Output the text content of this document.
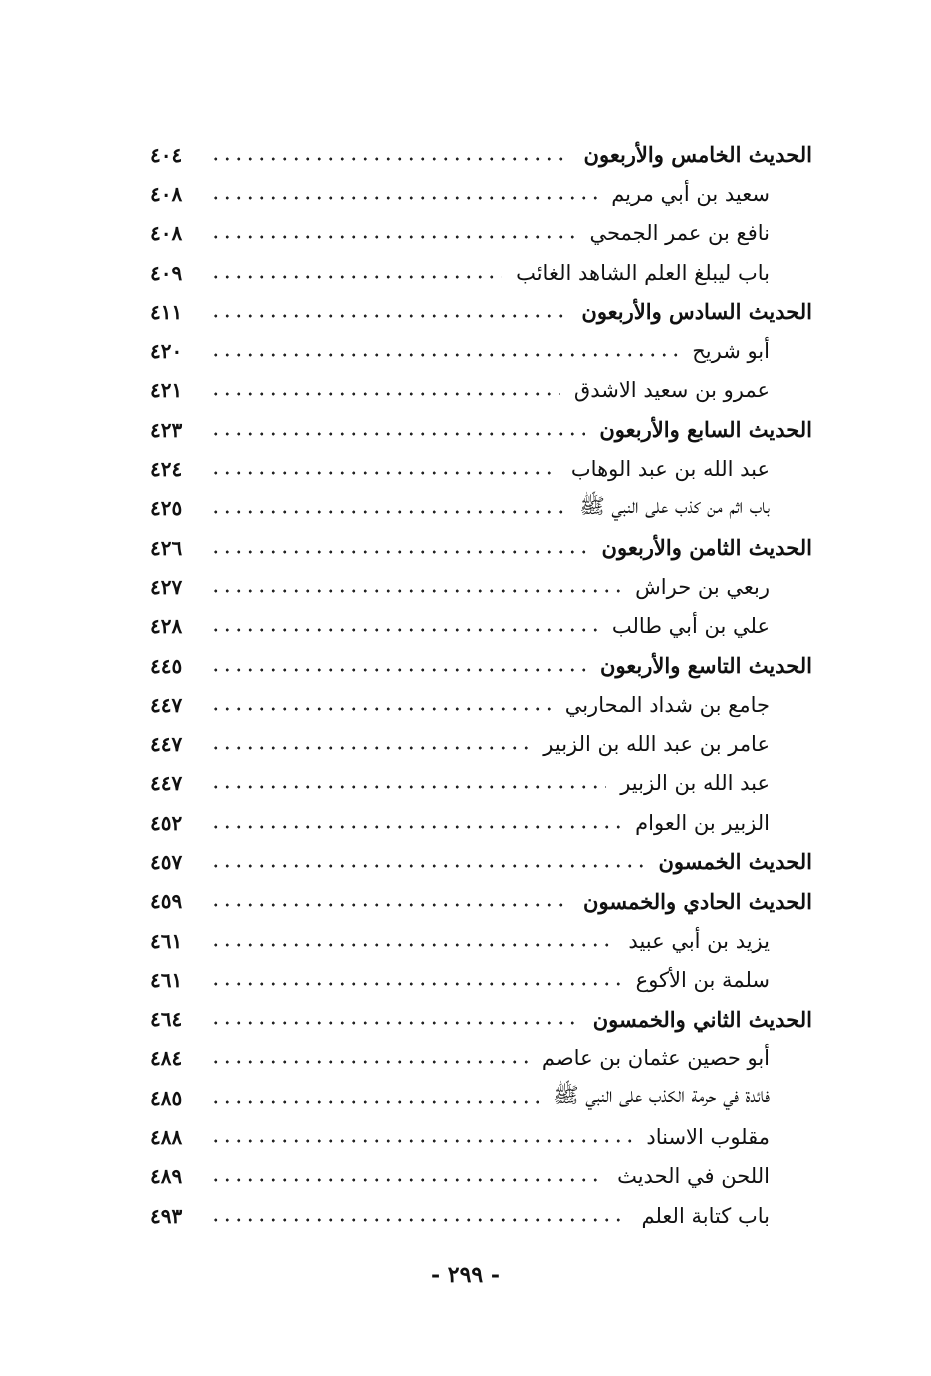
الحديث الخامس والأربعون
٤٠٤
سعيد بن أبي مريم
٤٠٨
نافع بن عمر الجمحي
٤٠٨
باب ليبلغ العلم الشاهد الغائب
٤٠٩
الحديث السادس والأربعون
٤١١
أبو شريح
٤٢٠
عمرو بن سعيد الاشدق
٤٢١
الحديث السابع والأربعون
٤٢٣
عبد الله بن عبد الوهاب
٤٢٤
باب اثم من كذب على النبي ﷺ
٤٢٥
الحديث الثامن والأربعون
٤٢٦
ربعي بن حراش
٤٢٧
علي بن أبي طالب
٤٢٨
الحديث التاسع والأربعون
٤٤٥
جامع بن شداد المحاربي
٤٤٧
عامر بن عبد الله بن الزبير
٤٤٧
عبد الله بن الزبير
٤٤٧
الزبير بن العوام
٤٥٢
الحديث الخمسون
٤٥٧
الحديث الحادي والخمسون
٤٥٩
يزيد بن أبي عبيد
٤٦١
سلمة بن الأكوع
٤٦١
الحديث الثاني والخمسون
٤٦٤
أبو حصين عثمان بن عاصم
٤٨٤
فائدة في حرمة الكذب على النبي ﷺ
٤٨٥
مقلوب الاسناد
٤٨٨
اللحن في الحديث
٤٨٩
باب كتابة العلم
٤٩٣
- ٢٩٩ -
